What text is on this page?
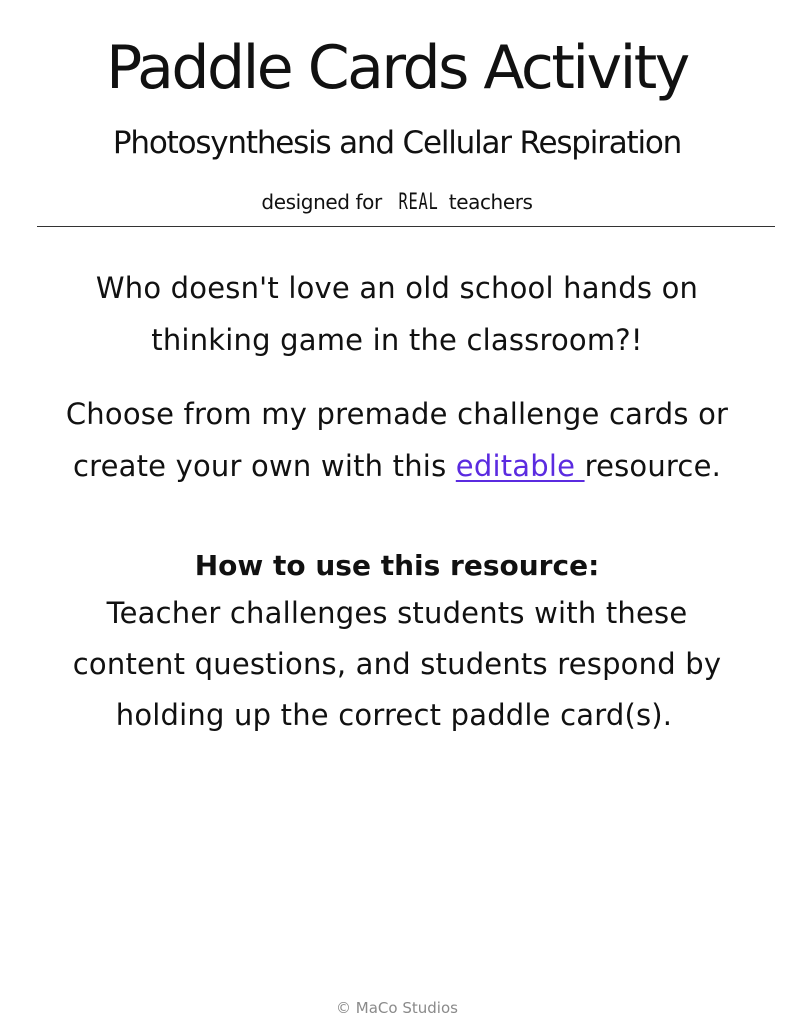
Paddle Cards Activity
Photosynthesis and Cellular Respiration
designed for REAL teachers
Who doesn't love an old school hands on
thinking game in the classroom?!
Choose from my premade challenge cards or
create your own with this editable resource.
How to use this resource:
Teacher challenges students with these
content questions, and students respond by
holding up the correct paddle card(s).
© MaCo Studios
